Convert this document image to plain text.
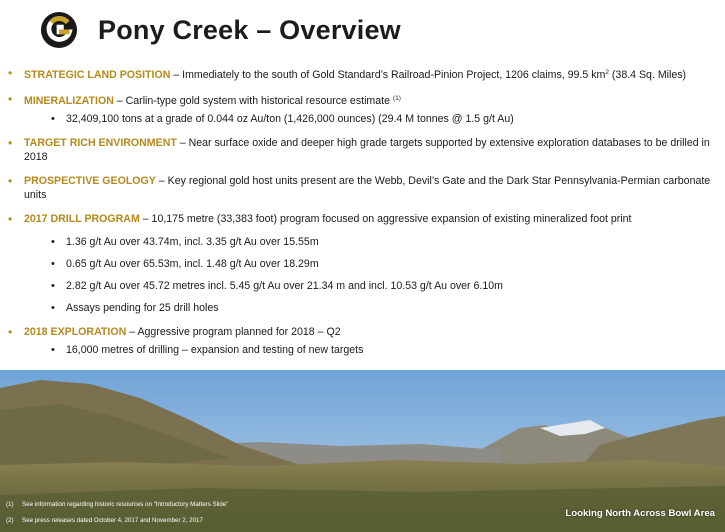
Pony Creek – Overview
• STRATEGIC LAND POSITION – Immediately to the south of Gold Standard’s Railroad-Pinion Project, 1206 claims, 99.5 $km^2$ (38.4 Sq. Miles)
• MINERALIZATION – Carlin-type gold system with historical resource estimate $^{(1)}$
• 32,409,100 tons at a grade of 0.044 oz Au/ton (1,426,000 ounces) (29.4 M tonnes @ 1.5 g/t Au)
• TARGET RICH ENVIRONMENT – Near surface oxide and deeper high grade targets supported by extensive exploration databases to be drilled in 2018
• PROSPECTIVE GEOLOGY – Key regional gold host units present are the Webb, Devil’s Gate and the Dark Star Pennsylvania-Permian carbonate units
• 2017 DRILL PROGRAM – 10,175 metre (33,383 foot) program focused on aggressive expansion of existing mineralized foot print
• 1.36 g/t Au over 43.74m, incl. 3.35 g/t Au over 15.55m
• 0.65 g/t Au over 65.53m, incl. 1.48 g/t Au over 18.29m
• 2.82 g/t Au over 45.72 metres incl. 5.45 g/t Au over 21.34 m and incl. 10.53 g/t Au over 6.10m
• Assays pending for 25 drill holes
• 2018 EXPLORATION – Aggressive program planned for 2018 – Q2
• 16,000 metres of drilling – expansion and testing of new targets
(1) See information regarding historic resources on “Introductory Matters Slide”
(2) See press releases dated October 4, 2017 and November 2, 2017
Looking North Across Bowl Area
